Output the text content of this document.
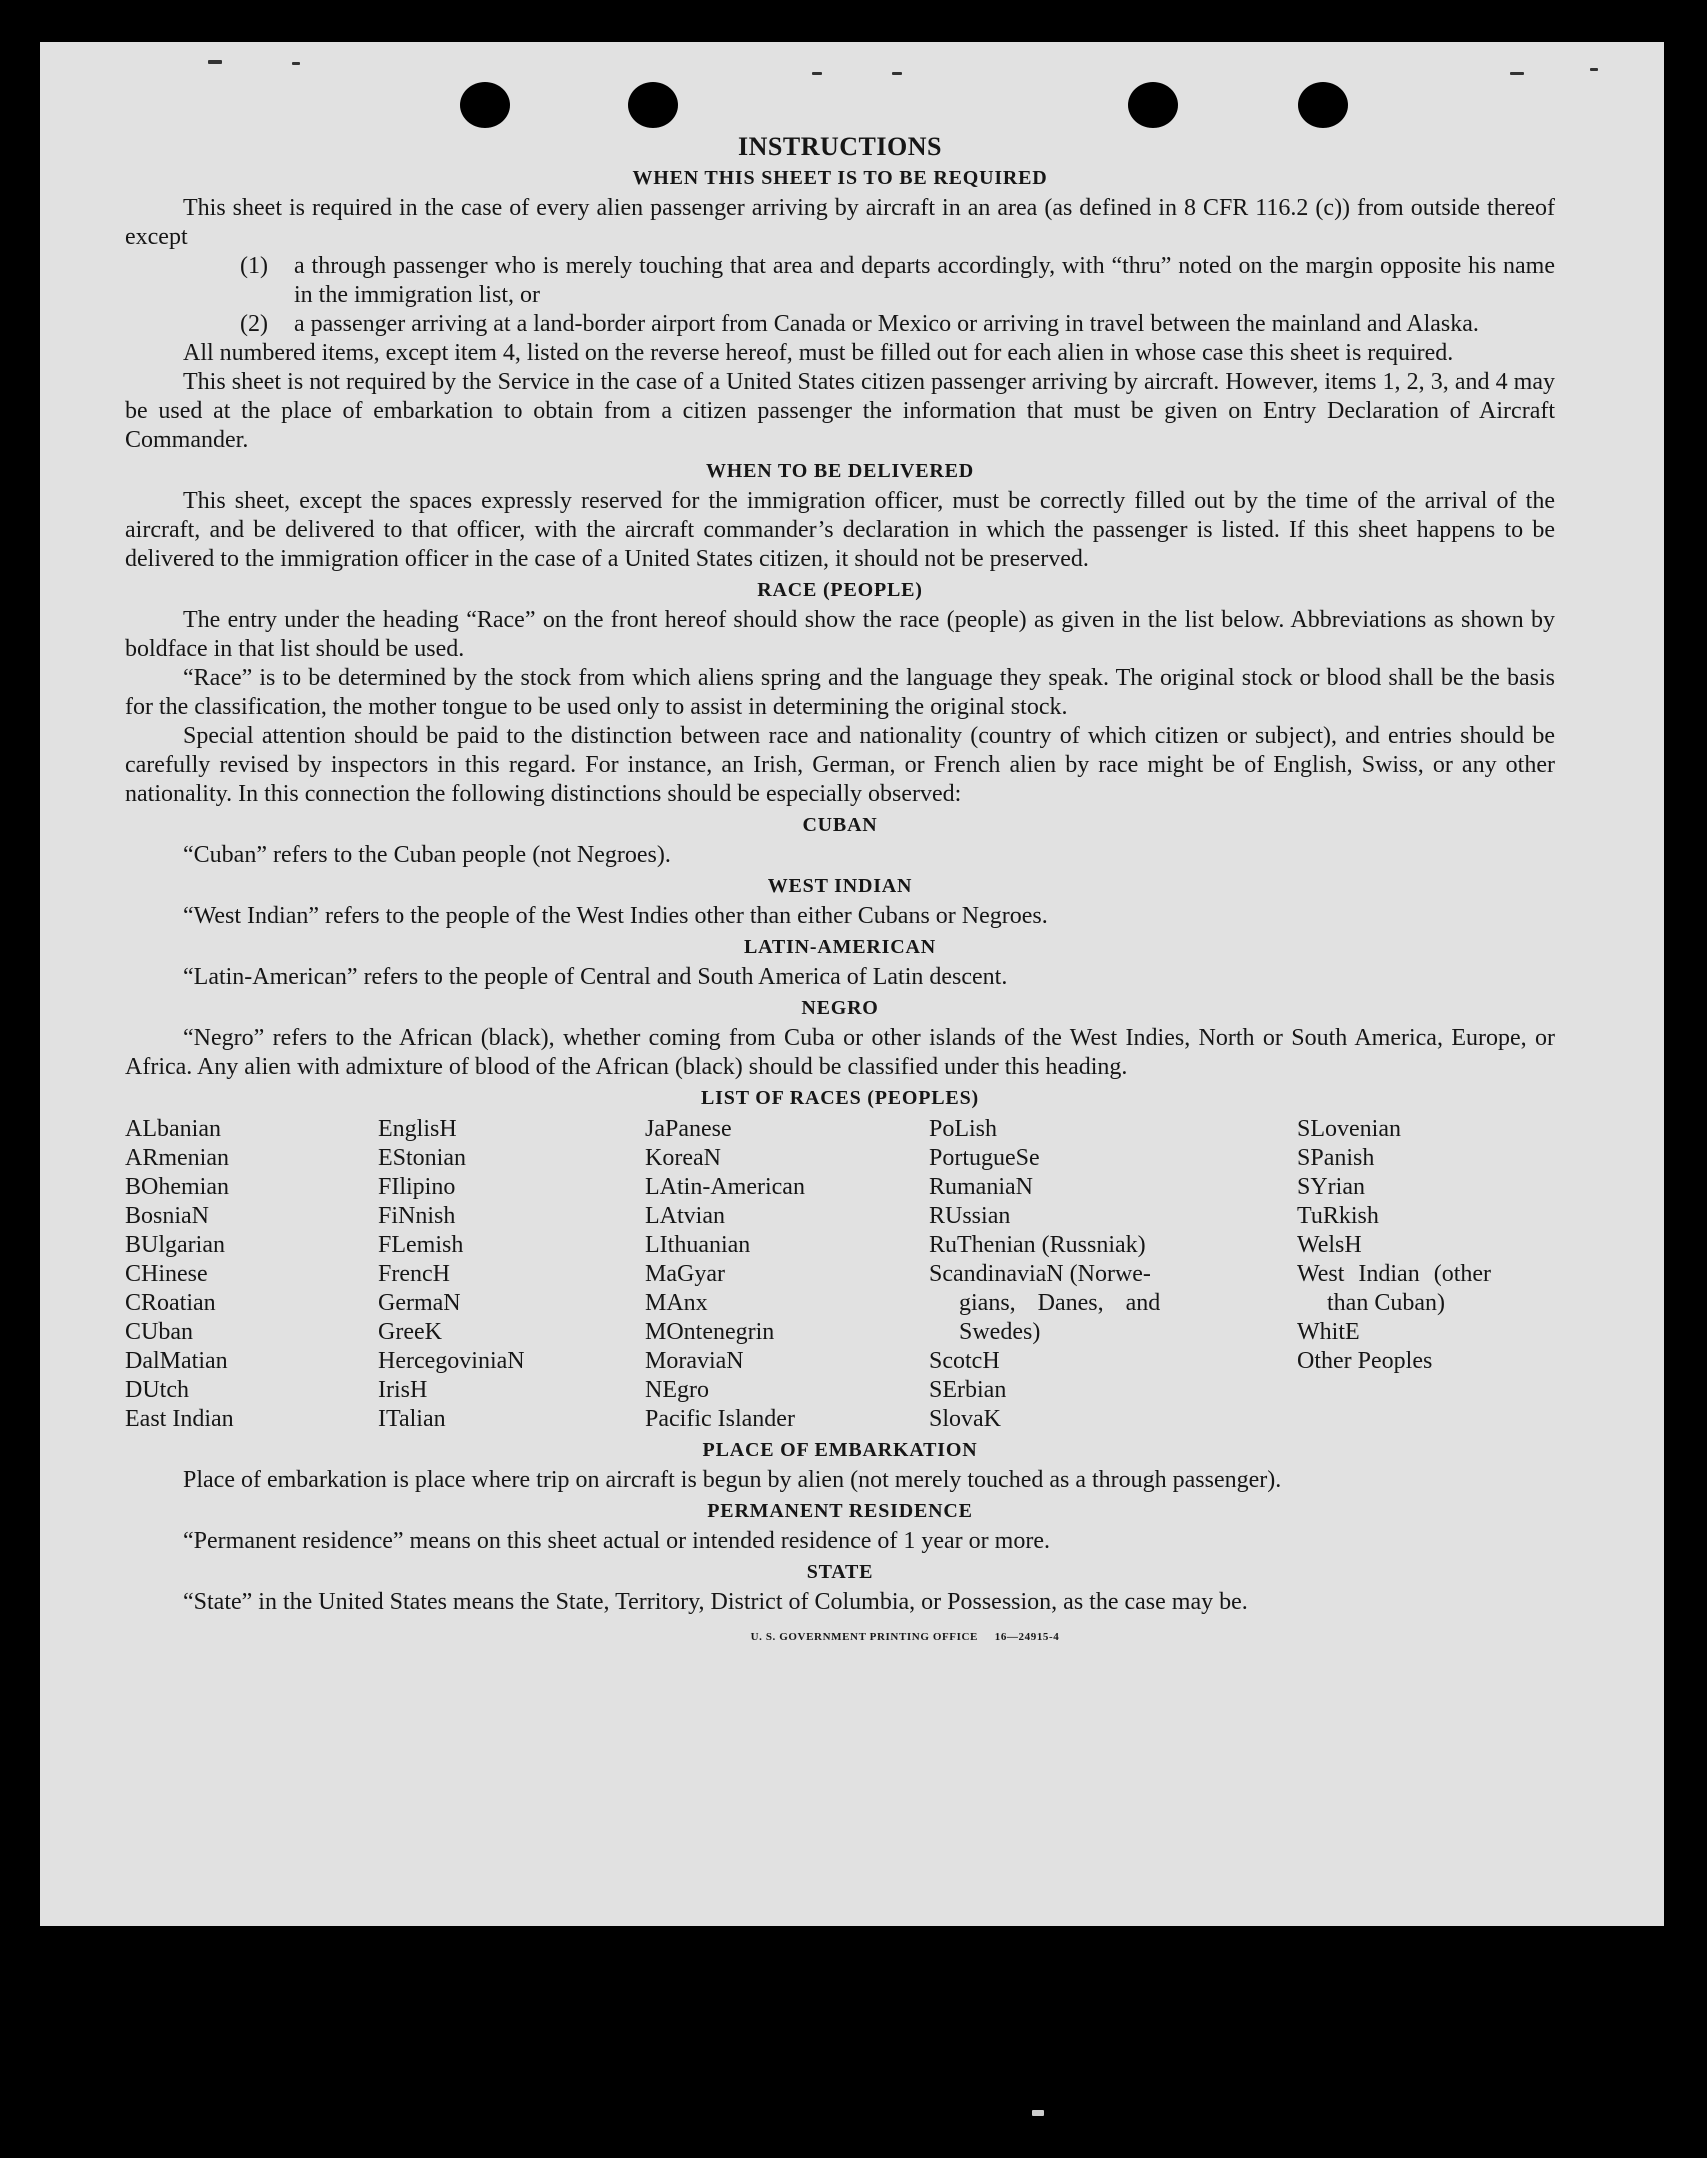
INSTRUCTIONS
WHEN THIS SHEET IS TO BE REQUIRED

This sheet is required in the case of every alien passenger arriving by aircraft in an area (as defined in 8 CFR 116.2 (c)) from outside thereof except

(1)	a through passenger who is merely touching that area and departs accordingly, with “thru” noted on the margin opposite his name in the immigration list, or
(2)	a passenger arriving at a land-border airport from Canada or Mexico or arriving in travel between the mainland and Alaska.

All numbered items, except item 4, listed on the reverse hereof, must be filled out for each alien in whose case this sheet is required.

This sheet is not required by the Service in the case of a United States citizen passenger arriving by aircraft. However, items 1, 2, 3, and 4 may be used at the place of embarkation to obtain from a citizen passenger the information that must be given on Entry Declaration of Aircraft Commander.

WHEN TO BE DELIVERED

This sheet, except the spaces expressly reserved for the immigration officer, must be correctly filled out by the time of the arrival of the aircraft, and be delivered to that officer, with the aircraft commander’s declaration in which the passenger is listed. If this sheet happens to be delivered to the immigration officer in the case of a United States citizen, it should not be preserved.

RACE (PEOPLE)

The entry under the heading “Race” on the front hereof should show the race (people) as given in the list below. Abbreviations as shown by boldface in that list should be used.

“Race” is to be determined by the stock from which aliens spring and the language they speak. The original stock or blood shall be the basis for the classification, the mother tongue to be used only to assist in determining the original stock.

Special attention should be paid to the distinction between race and nationality (country of which citizen or subject), and entries should be carefully revised by inspectors in this regard. For instance, an Irish, German, or French alien by race might be of English, Swiss, or any other nationality. In this connection the following distinctions should be especially observed:

CUBAN

“Cuban” refers to the Cuban people (not Negroes).

WEST INDIAN

“West Indian” refers to the people of the West Indies other than either Cubans or Negroes.

LATIN-AMERICAN

“Latin-American” refers to the people of Central and South America of Latin descent.

NEGRO

“Negro” refers to the African (black), whether coming from Cuba or other islands of the West Indies, North or South America, Europe, or Africa. Any alien with admixture of blood of the African (black) should be classified under this heading.

LIST OF RACES (PEOPLES)
ALbanian
ARmenian
BOhemian
BosniaN
BUlgarian
CHinese
CRoatian
CUban
DalMatian
DUtch
East Indian
EnglisH
EStonian
FIlipino
FiNnish
FLemish
FrencH
GermaN
GreeK
HercegoviniaN
IrisH
ITalian
JaPanese
KoreaN
LAtin-American
LAtvian
LIthuanian
MaGyar
MAnx
MOntenegrin
MoraviaN
NEgro
Pacific Islander
PoLish
PortugueSe
RumaniaN
RUssian
RuThenian (Russniak)
ScandinaviaN (Norwe-
gians, Danes, and
Swedes)
ScotcH
SErbian
SlovaK
SLovenian
SPanish
SYrian
TuRkish
WelsH
West Indian (other
than Cuban)
WhitE
Other Peoples
PLACE OF EMBARKATION

Place of embarkation is place where trip on aircraft is begun by alien (not merely touched as a through passenger).

PERMANENT RESIDENCE

“Permanent residence” means on this sheet actual or intended residence of 1 year or more.

STATE

“State” in the United States means the State, Territory, District of Columbia, or Possession, as the case may be.

U. S. GOVERNMENT PRINTING OFFICE     16—24915-4
